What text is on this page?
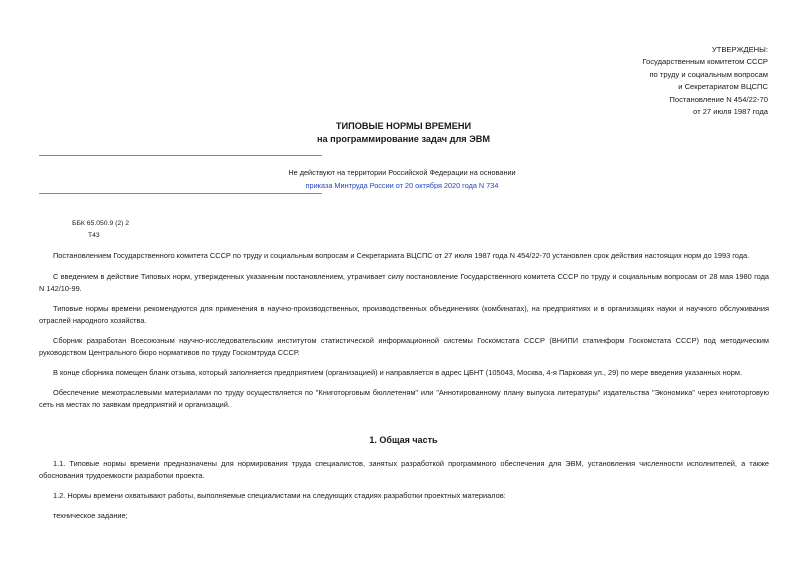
УТВЕРЖДЕНЫ:
Государственным комитетом СССР
по труду и социальным вопросам
и Секретариатом ВЦСПС
Постановление N 454/22-70
от 27 июля 1987 года
ТИПОВЫЕ НОРМЫ ВРЕМЕНИ
на программирование задач для ЭВМ
Не действуют на территории Российской Федерации на основании
приказа Минтруда России от 20 октября 2020 года N 734
ББК 65.050.9 (2) 2
Т43

Постановлением Государственного комитета СССР по труду и социальным вопросам и Секретариата ВЦСПС от 27 июля 1987 года N 454/22-70 установлен срок действия настоящих норм до 1993 года.

С введением в действие Типовых норм, утвержденных указанным постановлением, утрачивает силу постановление Государственного комитета СССР по труду и социальным вопросам от 28 мая 1980 года N 142/10-99.

Типовые нормы времени рекомендуются для применения в научно-производственных, производственных объединениях (комбинатах), на предприятиях и в организациях науки и научного обслуживания отраслей народного хозяйства.

Сборник разработан Всесоюзным научно-исследовательским институтом статистической информационной системы Госкомстата СССР (ВНИПИ статинформ Госкомстата СССР) под методическим руководством Центрального бюро нормативов по труду Госкомтруда СССР.

В конце сборника помещен бланк отзыва, который заполняется предприятием (организацией) и направляется в адрес ЦБНТ (105043, Москва, 4-я Парковая ул., 29) по мере введения указанных норм.

Обеспечение межотраслевыми материалами по труду осуществляется по "Книготорговым бюллетеням" или "Аннотированному плану выпуска литературы" издательства "Экономика" через книготорговую сеть на местах по заявкам предприятий и организаций.

1. Общая часть

1.1. Типовые нормы времени предназначены для нормирования труда специалистов, занятых разработкой программного обеспечения для ЭВМ, установления численности исполнителей, а также обоснования трудоемкости разработки проекта.

1.2. Нормы времени охватывают работы, выполняемые специалистами на следующих стадиях разработки проектных материалов:

техническое задание;
